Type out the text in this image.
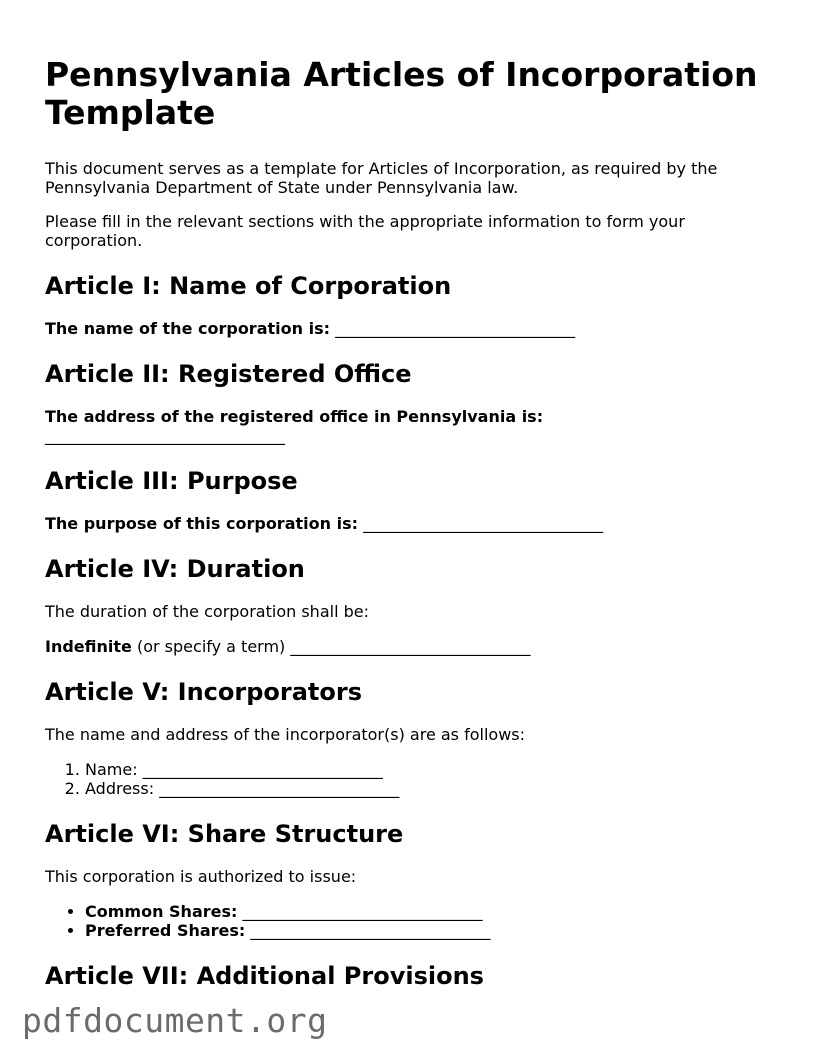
Pennsylvania Articles of Incorporation Template

This document serves as a template for Articles of Incorporation, as required by the Pennsylvania Department of State under Pennsylvania law.

Please fill in the relevant sections with the appropriate information to form your corporation.

Article I: Name of Corporation
The name of the corporation is: ______________________________
Article II: Registered Office
The address of the registered office in Pennsylvania is:
______________________________
Article III: Purpose
The purpose of this corporation is: ______________________________
Article IV: Duration

The duration of the corporation shall be:

Indefinite (or specify a term) ______________________________
Article V: Incorporators

The name and address of the incorporator(s) are as follows:

1. Name: ______________________________
2. Address: ______________________________
Article VI: Share Structure

This corporation is authorized to issue:

• Common Shares: ______________________________
• Preferred Shares: ______________________________
Article VII: Additional Provisions
pdfdocument.org
